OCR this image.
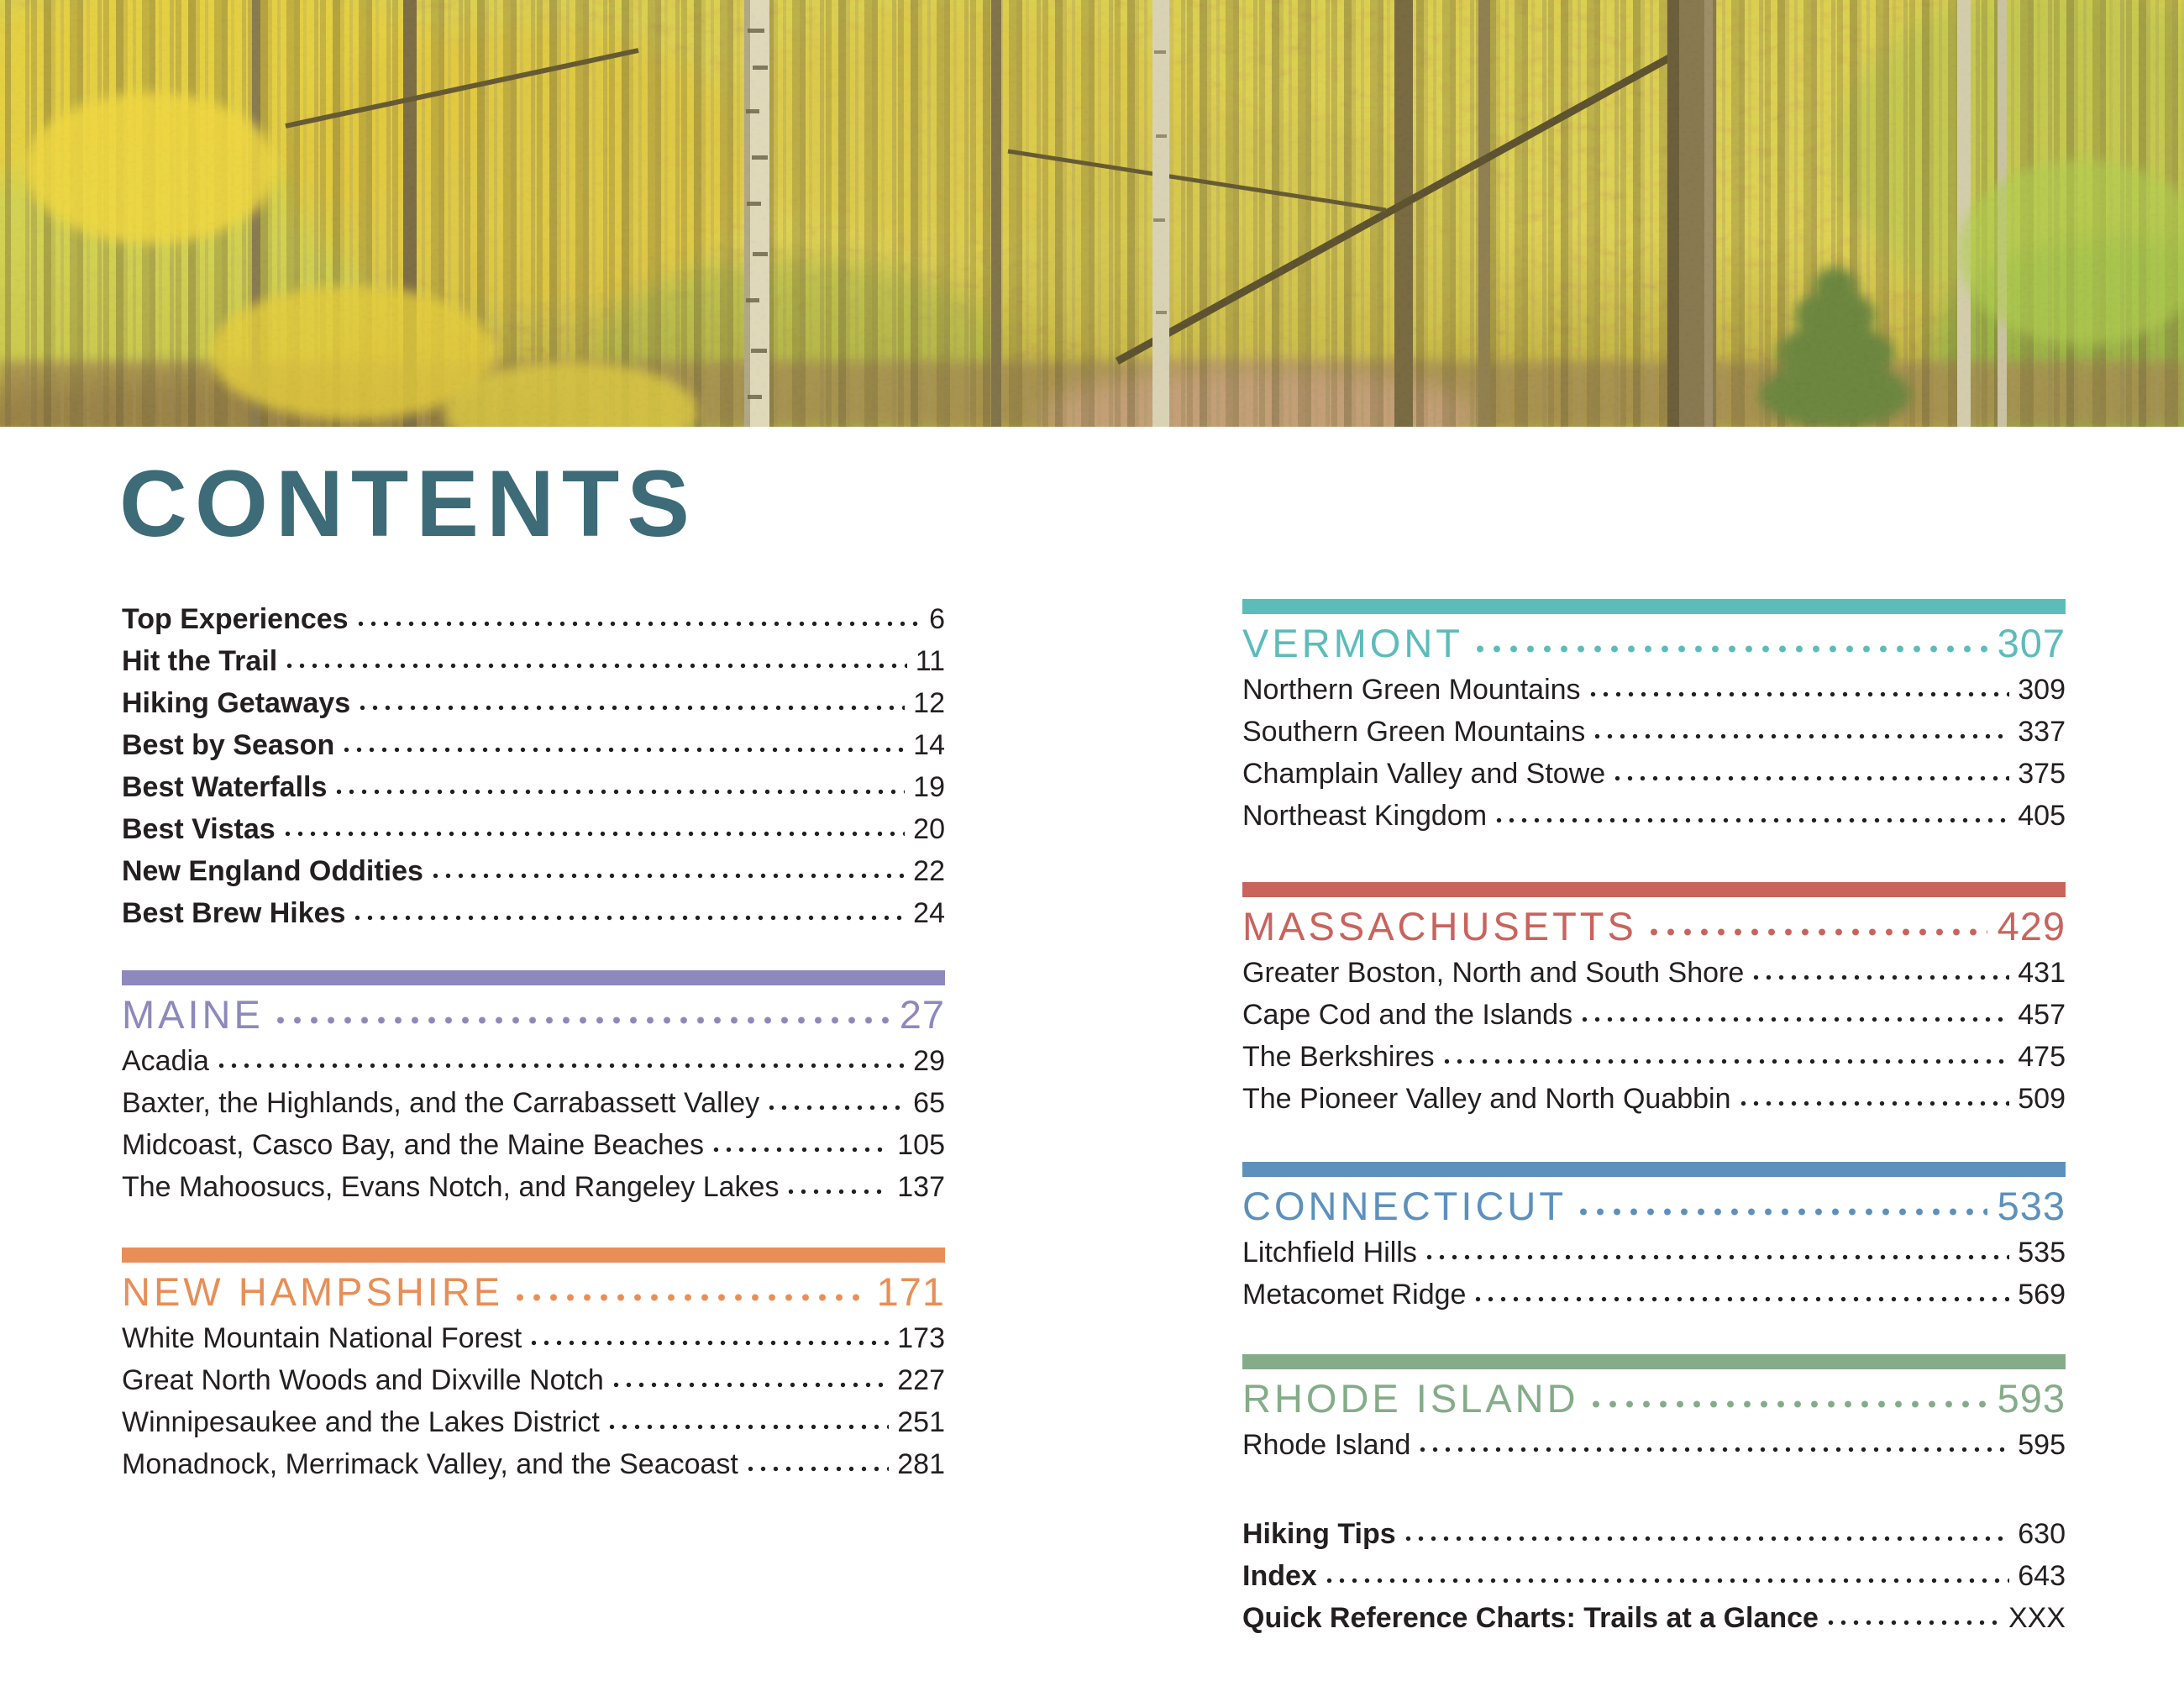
CONTENTS
Top Experiences	6
Hit the Trail	11
Hiking Getaways	12
Best by Season	14
Best Waterfalls	19
Best Vistas	20
New England Oddities	22
Best Brew Hikes	24
MAINE	27
Acadia	29
Baxter, the Highlands, and the Carrabassett Valley	65
Midcoast, Casco Bay, and the Maine Beaches	105
The Mahoosucs, Evans Notch, and Rangeley Lakes	137
NEW HAMPSHIRE	171
White Mountain National Forest	173
Great North Woods and Dixville Notch	227
Winnipesaukee and the Lakes District	251
Monadnock, Merrimack Valley, and the Seacoast	281
VERMONT	307
Northern Green Mountains	309
Southern Green Mountains	337
Champlain Valley and Stowe	375
Northeast Kingdom	405
MASSACHUSETTS	429
Greater Boston, North and South Shore	431
Cape Cod and the Islands	457
The Berkshires	475
The Pioneer Valley and North Quabbin	509
CONNECTICUT	533
Litchfield Hills	535
Metacomet Ridge	569
RHODE ISLAND	593
Rhode Island	595
Hiking Tips	630
Index	643
Quick Reference Charts: Trails at a Glance	XXX
